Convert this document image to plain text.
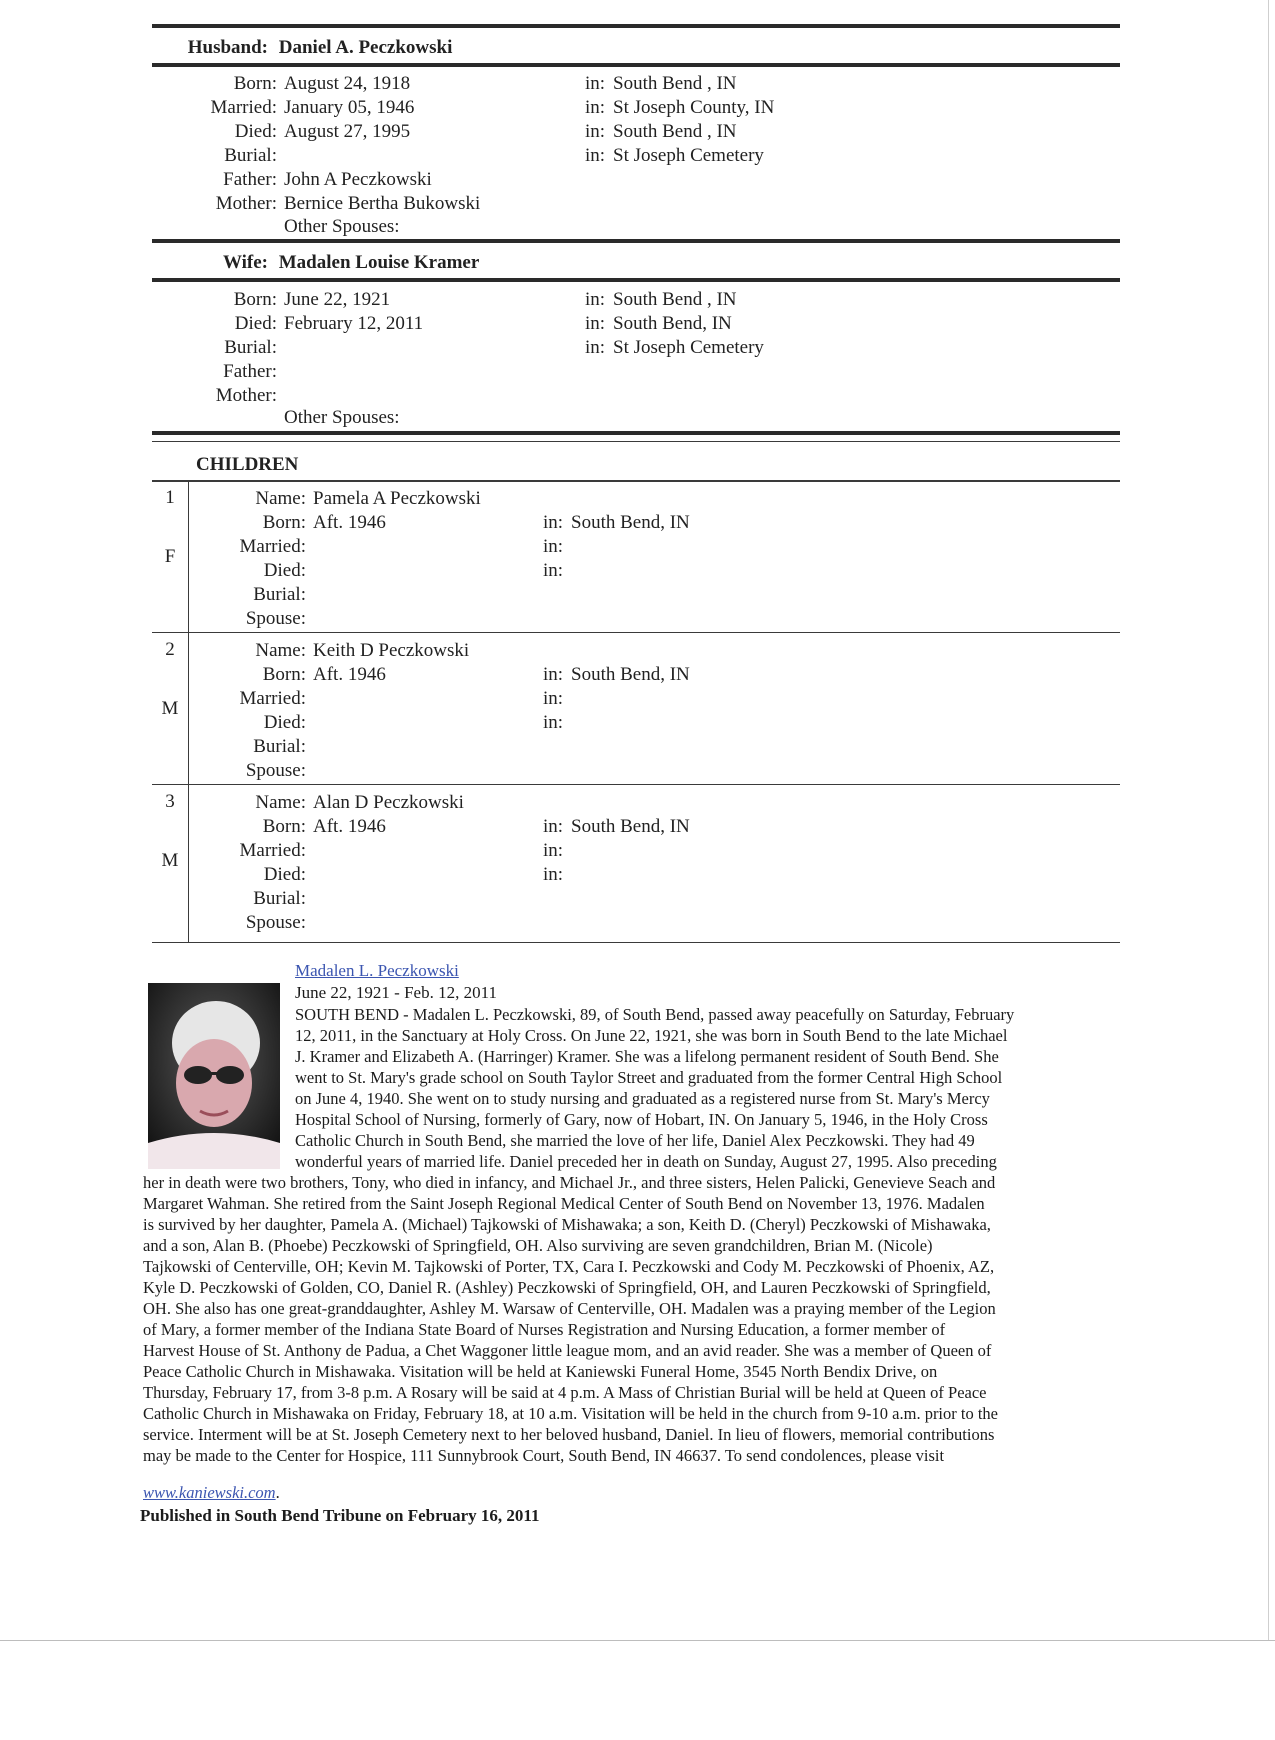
Husband: Daniel A. Peczkowski
Born: August 24, 1918	in: South Bend , IN
Married: January 05, 1946	in: St Joseph County, IN
Died: August 27, 1995	in: South Bend , IN
Burial:	in: St Joseph Cemetery
Father: John A Peczkowski
Mother: Bernice Bertha Bukowski
Other Spouses:
Wife: Madalen Louise Kramer
Born: June 22, 1921	in: South Bend , IN
Died: February 12, 2011	in: South Bend, IN
Burial:	in: St Joseph Cemetery
Father:
Mother:
Other Spouses:
CHILDREN
1
F
Name: Pamela A Peczkowski
Born: Aft. 1946	in: South Bend, IN
Married:	in:
Died:	in:
Burial:
Spouse:
2
M
Name: Keith D Peczkowski
Born: Aft. 1946	in: South Bend, IN
Married:	in:
Died:	in:
Burial:
Spouse:
3
M
Name: Alan D Peczkowski
Born: Aft. 1946	in: South Bend, IN
Married:	in:
Died:	in:
Burial:
Spouse:
Madalen L. Peczkowski
June 22, 1921 - Feb. 12, 2011
SOUTH BEND - Madalen L. Peczkowski, 89, of South Bend, passed away peacefully on Saturday, February
12, 2011, in the Sanctuary at Holy Cross. On June 22, 1921, she was born in South Bend to the late Michael
J. Kramer and Elizabeth A. (Harringer) Kramer. She was a lifelong permanent resident of South Bend. She
went to St. Mary's grade school on South Taylor Street and graduated from the former Central High School
on June 4, 1940. She went on to study nursing and graduated as a registered nurse from St. Mary's Mercy
Hospital School of Nursing, formerly of Gary, now of Hobart, IN. On January 5, 1946, in the Holy Cross
Catholic Church in South Bend, she married the love of her life, Daniel Alex Peczkowski. They had 49
wonderful years of married life. Daniel preceded her in death on Sunday, August 27, 1995. Also preceding
her in death were two brothers, Tony, who died in infancy, and Michael Jr., and three sisters, Helen Palicki, Genevieve Seach and
Margaret Wahman. She retired from the Saint Joseph Regional Medical Center of South Bend on November 13, 1976. Madalen
is survived by her daughter, Pamela A. (Michael) Tajkowski of Mishawaka; a son, Keith D. (Cheryl) Peczkowski of Mishawaka,
and a son, Alan B. (Phoebe) Peczkowski of Springfield, OH. Also surviving are seven grandchildren, Brian M. (Nicole)
Tajkowski of Centerville, OH; Kevin M. Tajkowski of Porter, TX, Cara I. Peczkowski and Cody M. Peczkowski of Phoenix, AZ,
Kyle D. Peczkowski of Golden, CO, Daniel R. (Ashley) Peczkowski of Springfield, OH, and Lauren Peczkowski of Springfield,
OH. She also has one great-granddaughter, Ashley M. Warsaw of Centerville, OH. Madalen was a praying member of the Legion
of Mary, a former member of the Indiana State Board of Nurses Registration and Nursing Education, a former member of
Harvest House of St. Anthony de Padua, a Chet Waggoner little league mom, and an avid reader. She was a member of Queen of
Peace Catholic Church in Mishawaka. Visitation will be held at Kaniewski Funeral Home, 3545 North Bendix Drive, on
Thursday, February 17, from 3-8 p.m. A Rosary will be said at 4 p.m. A Mass of Christian Burial will be held at Queen of Peace
Catholic Church in Mishawaka on Friday, February 18, at 10 a.m. Visitation will be held in the church from 9-10 a.m. prior to the
service. Interment will be at St. Joseph Cemetery next to her beloved husband, Daniel. In lieu of flowers, memorial contributions
may be made to the Center for Hospice, 111 Sunnybrook Court, South Bend, IN 46637. To send condolences, please visit
www.kaniewski.com.
Published in South Bend Tribune on February 16, 2011
